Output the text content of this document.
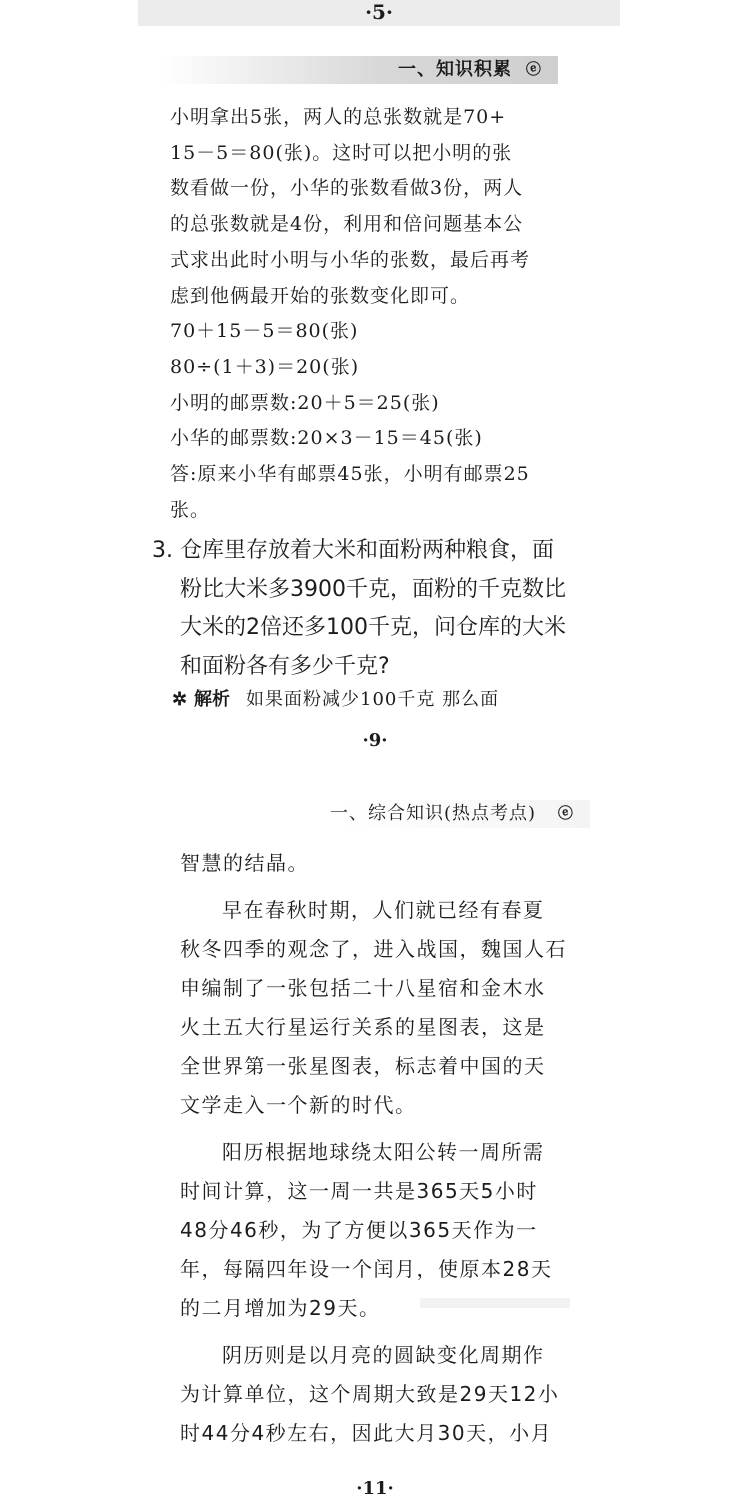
·5·
一、知识积累 ⓔ
小明拿出5张，两人的总张数就是70+
15－5＝80(张)。这时可以把小明的张
数看做一份，小华的张数看做3份，两人
的总张数就是4份，利用和倍问题基本公
式求出此时小明与小华的张数，最后再考
虑到他俩最开始的张数变化即可。
70＋15－5＝80(张)
80÷(1＋3)＝20(张)
小明的邮票数:20＋5＝25(张)
小华的邮票数:20×3－15＝45(张)
答:原来小华有邮票45张，小明有邮票25
张。
3. 仓库里存放着大米和面粉两种粮食，面
粉比大米多3900千克，面粉的千克数比
大米的2倍还多100千克，问仓库的大米
和面粉各有多少千克?
✲ 解析 如果面粉减少100千克 那么面
·9·
一、综合知识(热点考点)	ⓔ
智慧的结晶。
早在春秋时期，人们就已经有春夏
秋冬四季的观念了，进入战国，魏国人石
申编制了一张包括二十八星宿和金木水
火土五大行星运行关系的星图表，这是
全世界第一张星图表，标志着中国的天
文学走入一个新的时代。
阳历根据地球绕太阳公转一周所需
时间计算，这一周一共是365天5小时
48分46秒，为了方便以365天作为一
年，每隔四年设一个闰月，使原本28天
的二月增加为29天。
阴历则是以月亮的圆缺变化周期作
为计算单位，这个周期大致是29天12小
时44分4秒左右，因此大月30天，小月
·11·
